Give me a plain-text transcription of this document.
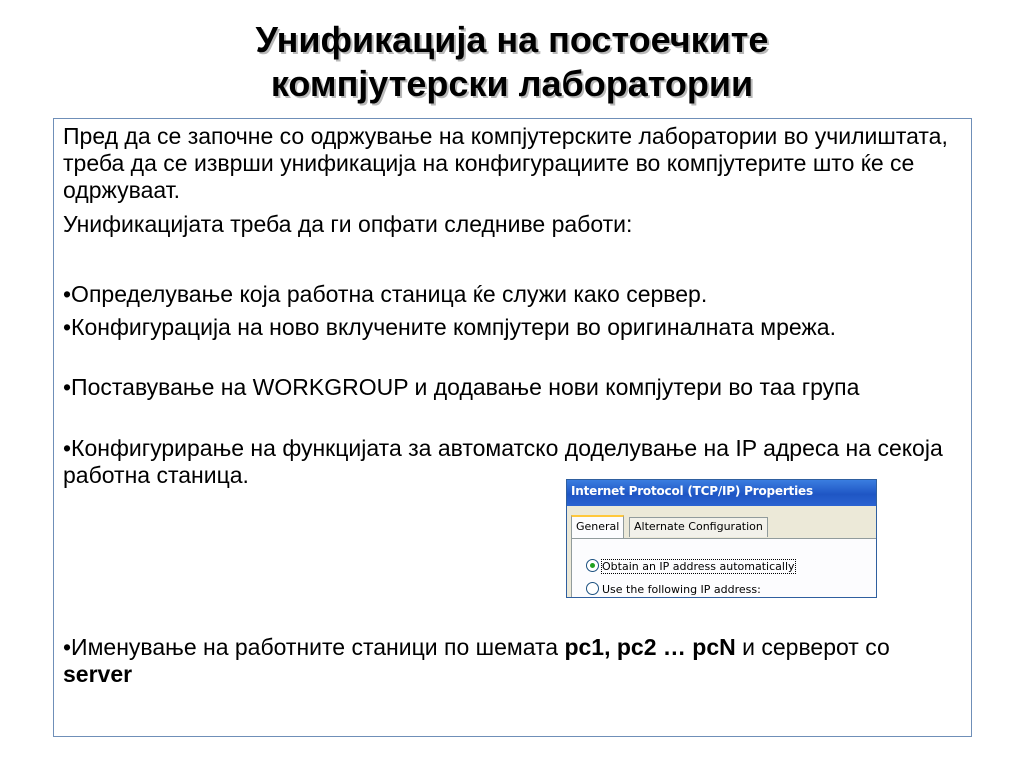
Унификација на постоечките
компјутерски лаборатории

Пред да се започне со одржување на компјутерските лаборатории во училиштата, треба да се изврши унификација на конфигурациите во компјутерите што ќе се одржуваат.

Унификацијата треба да ги опфати следниве работи:

•Определување која работна станица ќе служи како сервер.

•Конфигурација на ново вклучените компјутери во оригиналната мрежа.

•Поставување на WORKGROUP и додавање нови компјутери во таа група

•Конфигурирање на функцијата за автоматско доделување на IP адреса на секоја работна станица.

•Именување на работните станици по шемата pc1, pc2 … pcN и серверот со server

Internet Protocol (TCP/IP) Properties
General	Alternate Configuration
Obtain an IP address automatically
Use the following IP address:
